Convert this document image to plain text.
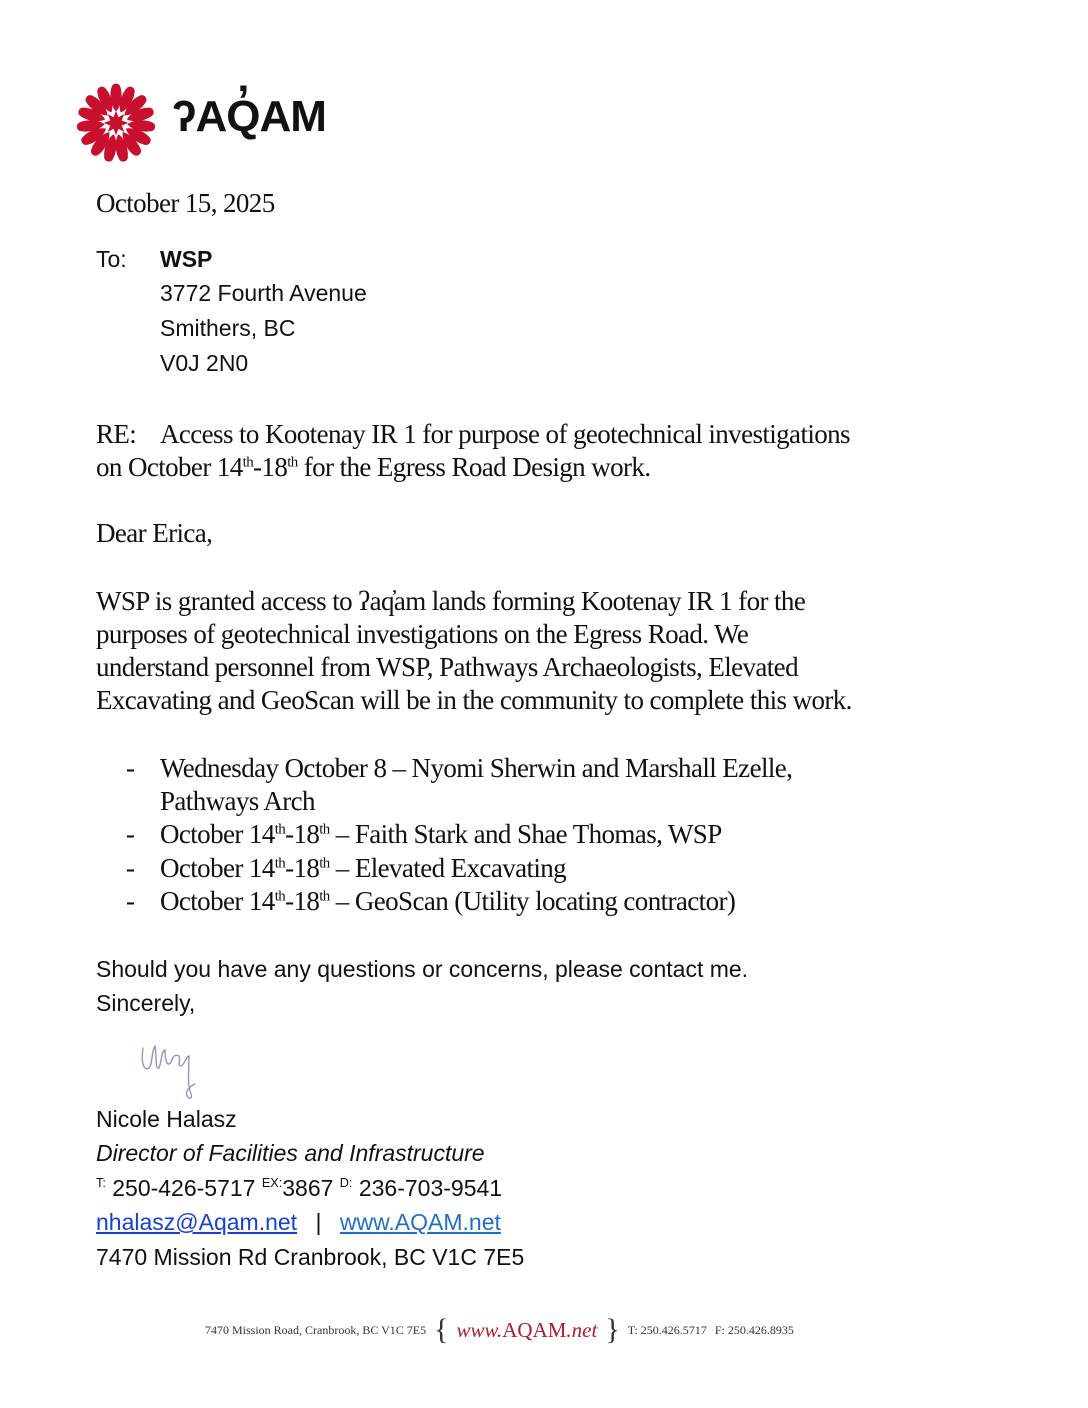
ʔAQ̓AM
October 15, 2025
To: WSP
3772 Fourth Avenue
Smithers, BC
V0J 2N0
RE: Access to Kootenay IR 1 for purpose of geotechnical investigations
on October 14th-18th for the Egress Road Design work.
Dear Erica,
WSP is granted access to ʔaq̓am lands forming Kootenay IR 1 for the
purposes of geotechnical investigations on the Egress Road. We
understand personnel from WSP, Pathways Archaeologists, Elevated
Excavating and GeoScan will be in the community to complete this work.
- Wednesday October 8 – Nyomi Sherwin and Marshall Ezelle,
Pathways Arch
- October 14th-18th – Faith Stark and Shae Thomas, WSP
- October 14th-18th – Elevated Excavating
- October 14th-18th – GeoScan (Utility locating contractor)
Should you have any questions or concerns, please contact me.
Sincerely,
Nicole Halasz
Director of Facilities and Infrastructure
$^{T:}$ 250-426-5717 $^{EX:}$3867 $^{D:}$ 236-703-9541
nhalasz@Aqam.net | www.AQAM.net
7470 Mission Rd Cranbrook, BC V1C 7E5
7470 Mission Road, Cranbrook, BC V1C 7E5 { www.AQAM.net } T: 250.426.5717 F: 250.426.8935
